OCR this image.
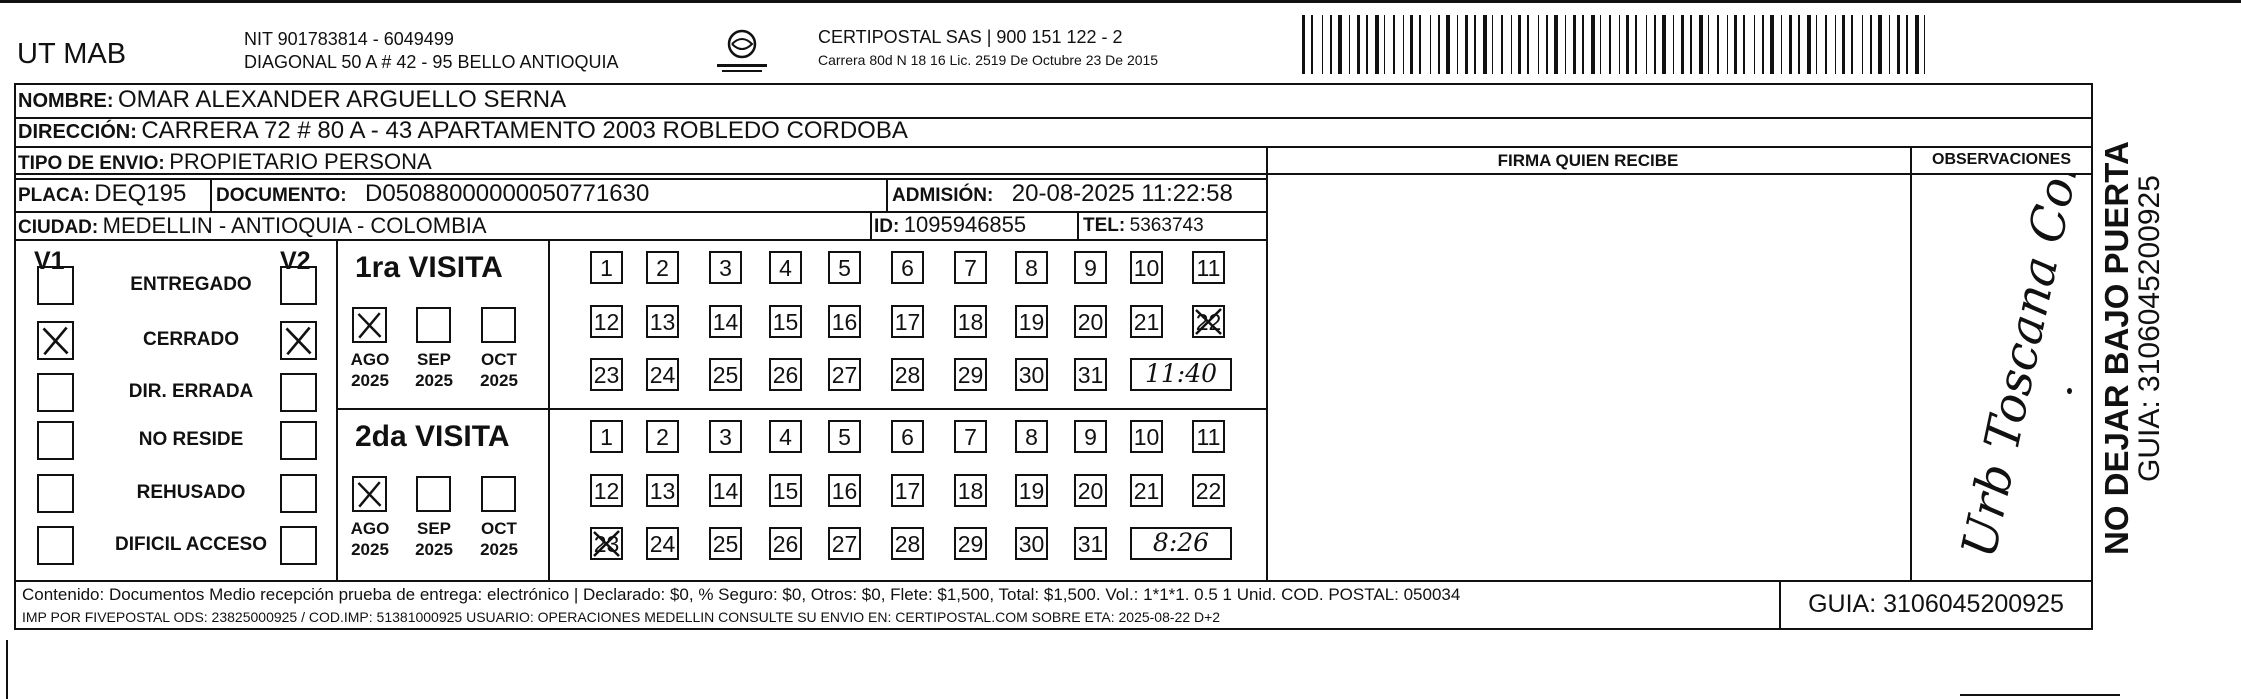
UT MAB	NIT 901783814 - 6049499
DIAGONAL 50 A # 42 - 95 BELLO ANTIOQUIA
CERTIPOSTAL SAS | 900 151 122 - 2
Carrera 80d N 18 16 Lic. 2519 De Octubre 23 De 2015
NOMBRE: OMAR ALEXANDER ARGUELLO SERNA
DIRECCIÓN: CARRERA 72 # 80 A - 43 APARTAMENTO 2003 ROBLEDO CORDOBA
TIPO DE ENVIO: PROPIETARIO PERSONA
PLACA: DEQ195 DOCUMENTO: D05088000000050771630	ADMISIÓN: 20-08-2025 11:22:58
CIUDAD: MEDELLIN - ANTIOQUIA - COLOMBIA	ID: 1095946855	TEL: 5363743
FIRMA QUIEN RECIBE	OBSERVACIONES
V1	V2
ENTREGADO
CERRADO
DIR. ERRADA
NO RESIDE
REHUSADO
DIFICIL ACCESO
1ra VISITA
AGO
2025
SEP
2025
OCT
2025
1	2	3	4	5	6	7	8	9	10 11
12 13 14 15 16 17 18 19 20 21 22
23 24 25 26 27 28 29 30 31	11:40
2da VISITA
AGO
2025
SEP
2025
OCT
2025
1	2	3	4	5	6	7	8	9	10 11
12 13 14 15 16 17 18 19 20 21 22
23 24 25 26 27 28 29 30 31	8:26	Urb Toscana
Contenido: Documentos Medio recepción prueba de entrega: electrónico | Declarado: $0, % Seguro: $0, Otros: $0, Flete: $1,500, Total: $1,500. Vol.: 1*1*1. 0.5 1 Unid. COD. POSTAL: 050034
IMP POR FIVEPOSTAL ODS: 23825000925 / COD.IMP: 51381000925 USUARIO: OPERACIONES MEDELLIN CONSULTE SU ENVIO EN: CERTIPOSTAL.COM SOBRE ETA: 2025-08-22 D+2	GUIA: 3106045200925
NO DEJAR BAJO PUERTA
GUIA: 3106045200925
